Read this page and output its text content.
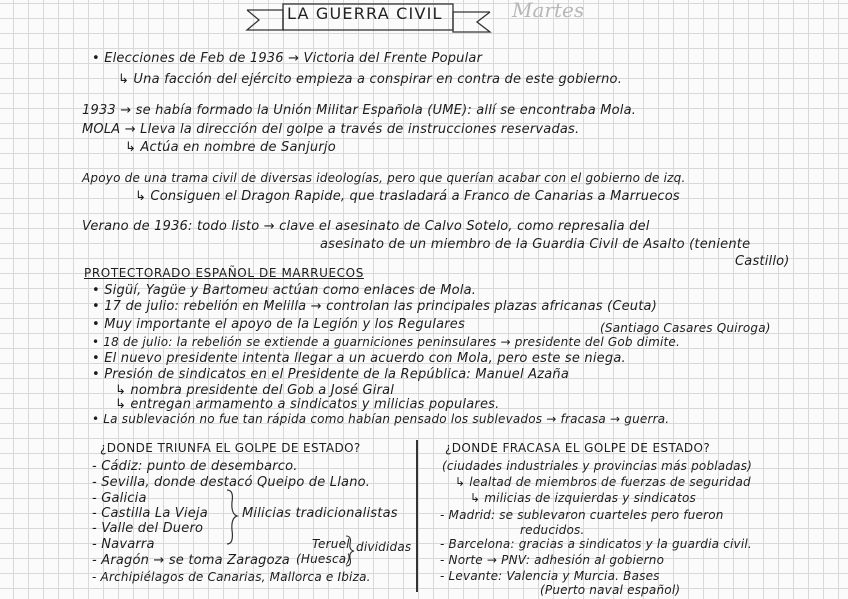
LA GUERRA CIVIL	Martes
• Elecciones de Feb de 1936 → Victoria del Frente Popular
↳ Una facción del ejército empieza a conspirar en contra de este gobierno.
1933 → se había formado la Unión Militar Española (UME): allí se encontraba Mola.
MOLA → Lleva la dirección del golpe a través de instrucciones reservadas.
↳ Actúa en nombre de Sanjurjo
Apoyo de una trama civil de diversas ideologías, pero que querían acabar con el gobierno de izq.
↳ Consiguen el Dragon Rapide, que trasladará a Franco de Canarias a Marruecos
Verano de 1936: todo listo → clave el asesinato de Calvo Sotelo, como represalia del
asesinato de un miembro de la Guardia Civil de Asalto (teniente
Castillo)
PROTECTORADO ESPAÑOL DE MARRUECOS
• Sigüí, Yagüe y Bartomeu actúan como enlaces de Mola.
• 17 de julio: rebelión en Melilla → controlan las principales plazas africanas (Ceuta)
• Muy importante el apoyo de la Legión y los Regulares	(Santiago Casares Quiroga)
• 18 de julio: la rebelión se extiende a guarniciones peninsulares → presidente del Gob dimite.
• El nuevo presidente intenta llegar a un acuerdo con Mola, pero este se niega.
• Presión de sindicatos en el Presidente de la República: Manuel Azaña
↳ nombra presidente del Gob a José Giral
↳ entregan armamento a sindicatos y milicias populares.
• La sublevación no fue tan rápida como habían pensado los sublevados → fracasa → guerra.
¿DONDE TRIUNFA EL GOLPE DE ESTADO?
- Cádiz: punto de desembarco.
- Sevilla, donde destacó Queipo de Llano.
- Galicia
- Castilla La Vieja
- Valle del Duero
- Navarra
- Aragón → se toma Zaragoza
- Archipiélagos de Canarias, Mallorca e Ibiza.
Milicias tradicionalistas
Teruel
(Huesca)
divididas
¿DONDE FRACASA EL GOLPE DE ESTADO?
(ciudades industriales y provincias más pobladas)
↳ lealtad de miembros de fuerzas de seguridad
↳ milicias de izquierdas y sindicatos
- Madrid: se sublevaron cuarteles pero fueron
reducidos.
- Barcelona: gracias a sindicatos y la guardia civil.
- Norte → PNV: adhesión al gobierno
- Levante: Valencia y Murcia. Bases
(Puerto naval español)
